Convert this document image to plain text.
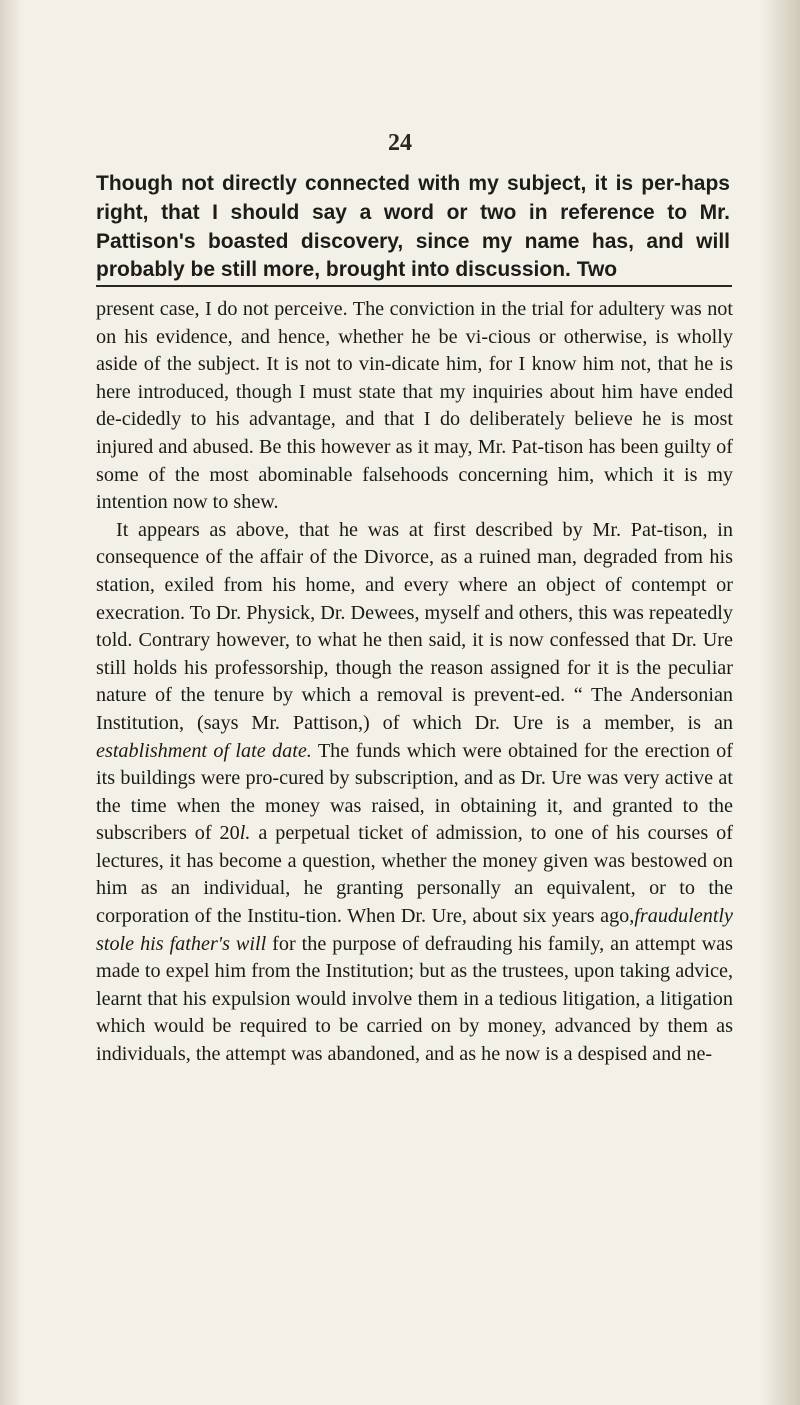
24
Though not directly connected with my subject, it is per-haps right, that I should say a word or two in reference to Mr. Pattison's boasted discovery, since my name has, and will probably be still more, brought into discussion. Two

present case, I do not perceive. The conviction in the trial for adultery was not on his evidence, and hence, whether he be vi-cious or otherwise, is wholly aside of the subject. It is not to vin-dicate him, for I know him not, that he is here introduced, though I must state that my inquiries about him have ended de-cidedly to his advantage, and that I do deliberately believe he is most injured and abused. Be this however as it may, Mr. Pat-tison has been guilty of some of the most abominable falsehoods concerning him, which it is my intention now to shew.

It appears as above, that he was at first described by Mr. Pat-tison, in consequence of the affair of the Divorce, as a ruined man, degraded from his station, exiled from his home, and every where an object of contempt or execration. To Dr. Physick, Dr. Dewees, myself and others, this was repeatedly told. Contrary however, to what he then said, it is now confessed that Dr. Ure still holds his professorship, though the reason assigned for it is the peculiar nature of the tenure by which a removal is prevent-ed. “ The Andersonian Institution, (says Mr. Pattison,) of which Dr. Ure is a member, is an establishment of late date. The funds which were obtained for the erection of its buildings were pro-cured by subscription, and as Dr. Ure was very active at the time when the money was raised, in obtaining it, and granted to the subscribers of 20l. a perpetual ticket of admission, to one of his courses of lectures, it has become a question, whether the money given was bestowed on him as an individual, he granting personally an equivalent, or to the corporation of the Institu-tion. When Dr. Ure, about six years ago,fraudulently stole his father's will for the purpose of defrauding his family, an attempt was made to expel him from the Institution; but as the trustees, upon taking advice, learnt that his expulsion would involve them in a tedious litigation, a litigation which would be required to be carried on by money, advanced by them as individuals, the attempt was abandoned, and as he now is a despised and ne-
